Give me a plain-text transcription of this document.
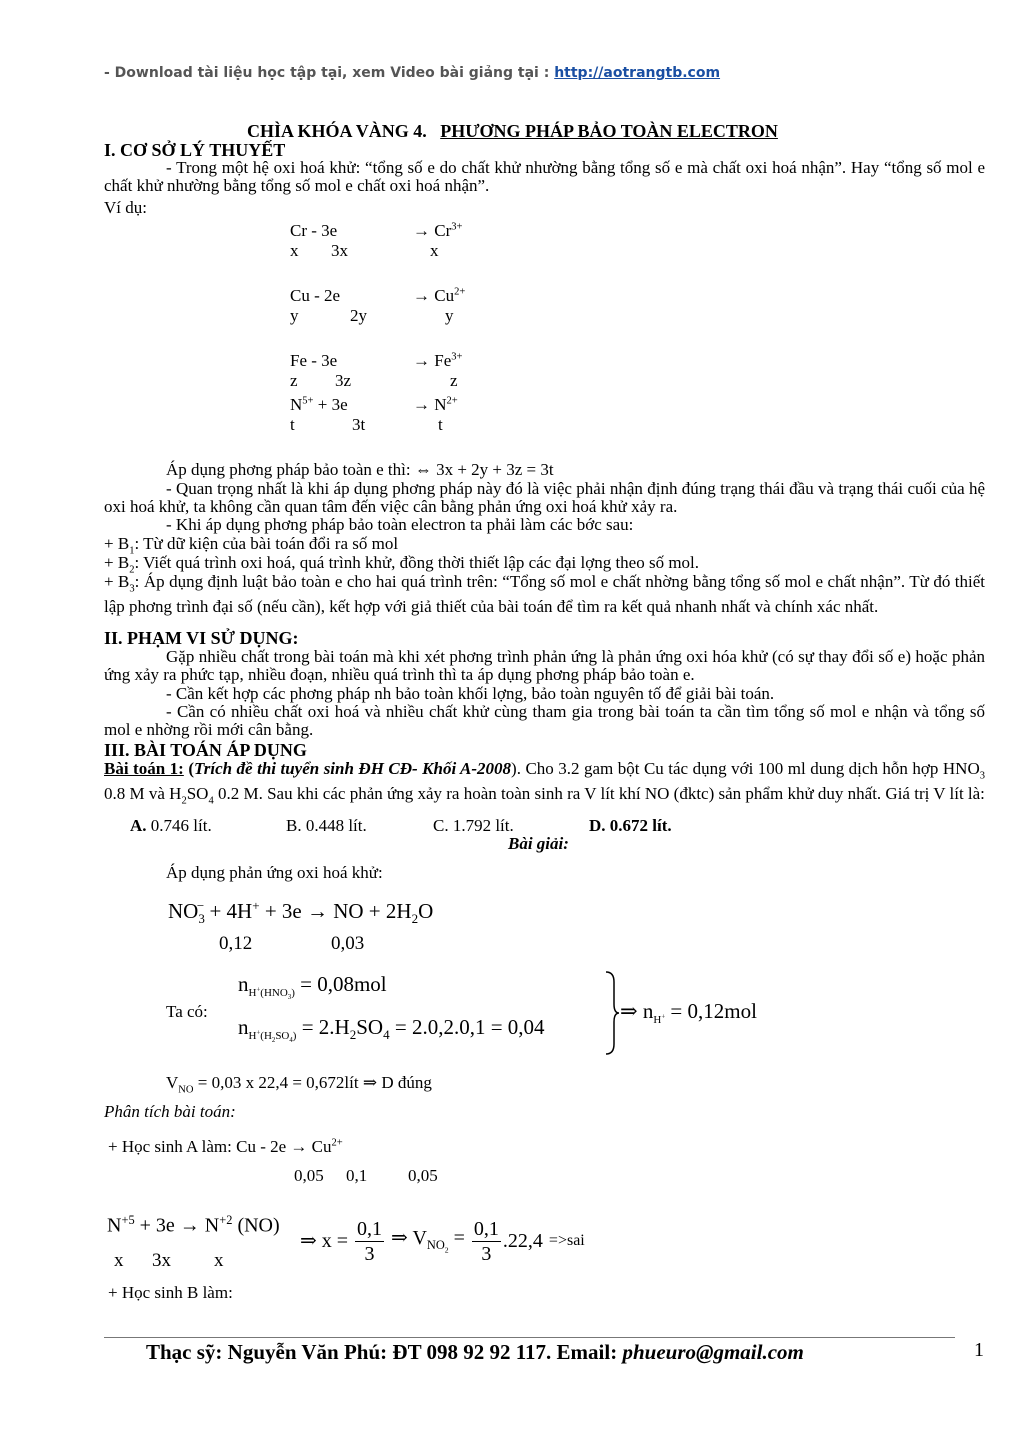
- Download tài liệu học tập tại, xem Video bài giảng tại : http://aotrangtb.com
CHÌA KHÓA VÀNG 4. PHƯƠNG PHÁP BẢO TOÀN ELECTRON
I. CƠ SỞ LÝ THUYẾT
- Trong một hệ oxi hoá khử: “tổng số e do chất khử nhường bằng tổng số e mà chất oxi hoá nhận”. Hay “tổng số mol e chất khử nhường bằng tổng số mol e chất oxi hoá nhận”.
Ví dụ:
Cr - 3e	→ $Cr^{3+}$
x 3x	x
Cu - 2e	→ $Cu^{2+}$
y	2y	y
Fe - 3e	→ $Fe^{3+}$
z 3z	z
$N^{5+} + 3e$	→ $N^{2+}$
t	3t	t
Áp dụng phơng pháp bảo toàn e thì: ⇔ 3x + 2y + 3z = 3t
- Quan trọng nhất là khi áp dụng phơng pháp này đó là việc phải nhận định đúng trạng thái đầu và trạng thái cuối của hệ oxi hoá khử, ta không cần quan tâm đến việc cân bằng phản ứng oxi hoá khử xảy ra.
- Khi áp dụng phơng pháp bảo toàn electron ta phải làm các bớc sau:
+ $B_1$: Từ dữ kiện của bài toán đổi ra số mol
+ $B_2$: Viết quá trình oxi hoá, quá trình khử, đồng thời thiết lập các đại lợng theo số mol.
+ $B_3$: Áp dụng định luật bảo toàn e cho hai quá trình trên: “Tổng số mol e chất nhờng bằng tổng số mol e chất nhận”. Từ đó thiết lập phơng trình đại số (nếu cần), kết hợp với giả thiết của bài toán để tìm ra kết quả nhanh nhất và chính xác nhất.
II. PHẠM VI SỬ DỤNG:
Gặp nhiều chất trong bài toán mà khi xét phơng trình phản ứng là phản ứng oxi hóa khử (có sự thay đổi số e) hoặc phản ứng xảy ra phức tạp, nhiều đoạn, nhiều quá trình thì ta áp dụng phơng pháp bảo toàn e.
- Cần kết hợp các phơng pháp nh bảo toàn khối lợng, bảo toàn nguyên tố để giải bài toán.
- Cần có nhiều chất oxi hoá và nhiều chất khử cùng tham gia trong bài toán ta cần tìm tổng số mol e nhận và tổng số mol e nhờng rồi mới cân bằng.
III. BÀI TOÁN ÁP DỤNG
Bài toán 1: (Trích đề thi tuyển sinh ĐH CĐ- Khối A-2008). Cho 3.2 gam bột Cu tác dụng với 100 ml dung dịch hỗn hợp $HNO_3$ 0.8 M và $H_2SO_4$ 0.2 M. Sau khi các phản ứng xảy ra hoàn toàn sinh ra V lít khí NO (đktc) sản phẩm khử duy nhất. Giá trị V lít là:
A. 0.746 lít.	B. 0.448 lít.	C. 1.792 lít.	D. 0.672 lít.
Bài giải:
Áp dụng phản ứng oxi hoá khử:
$NO_3^- + 4H^+ + 3e$ → NO + $2H_2O$
0,12	0,03
Ta có:
$n_{H^+(HNO_3)} = 0,08mol$
$n_{H^+(H_2SO_4)} = 2.H_2SO_4 = 2.0,2.0,1 = 0,04$
⇒ $n_{H^+} = 0,12mol$
$V_{NO} = 0,03$ x 22,4 = 0,672lít ⇒ D đúng
Phân tích bài toán:
+ Học sinh A làm: $Cu - 2e \to Cu^{2+}$
0,05 0,1 0,05
$N^{+5} + 3e \to N^{+2}$ (NO)
x 3x x
⇒ $x = \frac{0,1}{3}$ ⇒ $V_{NO_2} = \frac{0,1}{3} .22,4 =>sai$
+ Học sinh B làm:
Thạc sỹ: Nguyễn Văn Phú: ĐT 098 92 92 117. Email: phueuro@gmail.com	1
